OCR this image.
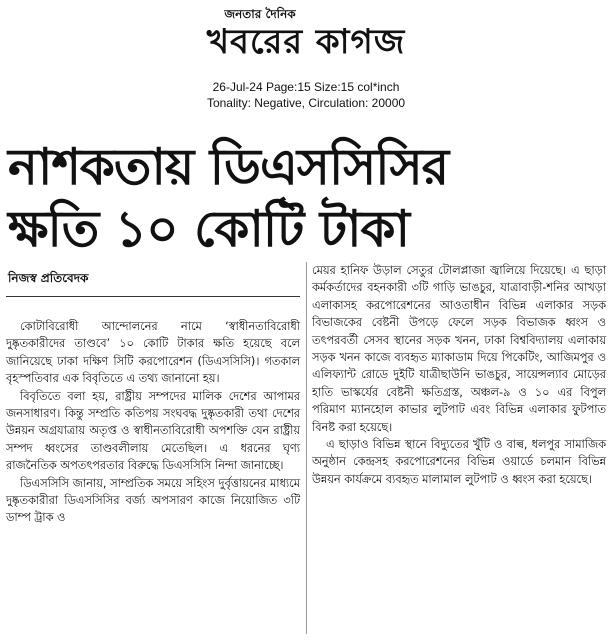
জনতার দৈনিক
খবরের কাগজ
26-Jul-24 Page:15 Size:15 col*inch
Tonality: Negative, Circulation: 20000
নাশকতায় ডিএসসিসির
ক্ষতি ১০ কোটি টাকা
নিজস্ব প্রতিবেদক

কোটাবিরোধী আন্দোলনের নামে ‘স্বাধীনতাবিরোধী দুষ্কৃতকারীদের তাণ্ডবে’ ১০ কোটি টাকার ক্ষতি হয়েছে বলে জানিয়েছে ঢাকা দক্ষিণ সিটি করপোরেশন (ডিএসসিসি)। গতকাল বৃহস্পতিবার এক বিবৃতিতে এ তথ্য জানানো হয়।

বিবৃতিতে বলা হয়, রাষ্ট্রীয় সম্পদের মালিক দেশের আপামর জনসাধারণ। কিন্তু সম্প্রতি কতিপয় সংঘবদ্ধ দুষ্কৃতকারী তথা দেশের উন্নয়ন অগ্রযাত্রায় অতৃপ্ত ও স্বাধীনতাবিরোধী অপশক্তি যেন রাষ্ট্রীয় সম্পদ ধ্বংসের তাণ্ডবলীলায় মেতেছিল। এ ধরনের ঘৃণ্য রাজনৈতিক অপতৎপরতার বিরুদ্ধে ডিএসসিসি নিন্দা জানাচ্ছে।

ডিএসসিসি জানায়, সাম্প্রতিক সময়ে সহিংস দুর্বৃত্তায়নের মাধ্যমে দুষ্কৃতকারীরা ডিএসসিসির বর্জ্য অপসারণ কাজে নিয়োজিত ৩টি ডাম্প ট্রাক ও

মেয়র হানিফ উড়াল সেতুর টোলপ্লাজা জ্বালিয়ে দিয়েছে। এ ছাড়া কর্মকর্তাদের বহনকারী ৩টি গাড়ি ভাঙচুর, যাত্রাবাড়ী-শনির আখড়া এলাকাসহ করপোরেশনের আওতাধীন বিভিন্ন এলাকার সড়ক বিভাজকের বেষ্টনী উপড়ে ফেলে সড়ক বিভাজক ধ্বংস ও তৎপরবর্তী সেসব স্থানের সড়ক খনন, ঢাকা বিশ্ববিদ্যালয় এলাকায় সড়ক খনন কাজে ব্যবহৃত ম্যাকাডাম দিয়ে পিকেটিং, আজিমপুর ও এলিফ্যান্ট রোডে দুইটি যাত্রীছাউনি ভাঙচুর, সায়েন্সল্যাব মোড়ের হাতি ভাস্কর্যের বেষ্টনী ক্ষতিগ্রস্ত, অঞ্চল-৯ ও ১০ এর বিপুল পরিমাণ ম্যানহোল কাভার লুটপাট এবং বিভিন্ন এলাকার ফুটপাত বিনষ্ট করা হয়েছে।

এ ছাড়াও বিভিন্ন স্থানে বিদ্যুতের খুঁটি ও বাল্ব, ধলপুর সামাজিক অনুষ্ঠান কেন্দ্রসহ করপোরেশনের বিভিন্ন ওয়ার্ডে চলমান বিভিন্ন উন্নয়ন কার্যক্রমে ব্যবহৃত মালামাল লুটপাট ও ধ্বংস করা হয়েছে।
